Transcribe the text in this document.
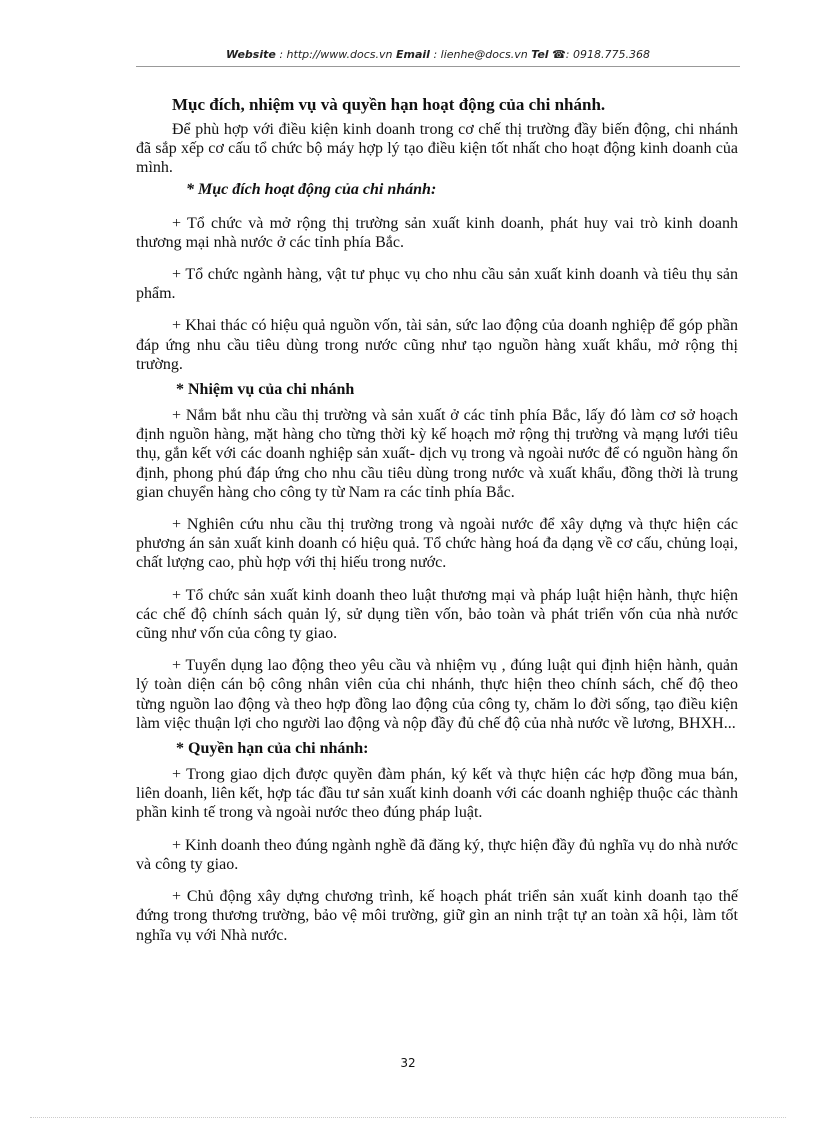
Website : http://www.docs.vn Email : lienhe@docs.vn Tel ☎: 0918.775.368
Mục đích, nhiệm vụ và quyền hạn hoạt động của chi nhánh.

Để phù hợp với điều kiện kinh doanh trong cơ chế thị trường đầy biến động, chi nhánh đã sắp xếp cơ cấu tổ chức bộ máy hợp lý tạo điều kiện tốt nhất cho hoạt động kinh doanh của mình.

* Mục đích hoạt động của chi nhánh:

+ Tổ chức và mở rộng thị trường sản xuất kinh doanh, phát huy vai trò kinh doanh thương mại nhà nước ở các tỉnh phía Bắc.

+ Tổ chức ngành hàng, vật tư phục vụ cho nhu cầu sản xuất kinh doanh và tiêu thụ sản phẩm.

+ Khai thác có hiệu quả nguồn vốn, tài sản, sức lao động của doanh nghiệp để góp phần đáp ứng nhu cầu tiêu dùng trong nước cũng như tạo nguồn hàng xuất khẩu, mở rộng thị trường.

* Nhiệm vụ của chi nhánh

+ Nắm bắt nhu cầu thị trường và sản xuất ở các tỉnh phía Bắc, lấy đó làm cơ sở hoạch định nguồn hàng, mặt hàng cho từng thời kỳ kế hoạch mở rộng thị trường và mạng lưới tiêu thụ, gắn kết với các doanh nghiệp sản xuất- dịch vụ trong và ngoài nước để có nguồn hàng ổn định, phong phú đáp ứng cho nhu cầu tiêu dùng trong nước và xuất khẩu, đồng thời là trung gian chuyển hàng cho công ty từ Nam ra các tỉnh phía Bắc.

+ Nghiên cứu nhu cầu thị trường trong và ngoài nước để xây dựng và thực hiện các phương án sản xuất kinh doanh có hiệu quả. Tổ chức hàng hoá đa dạng về cơ cấu, chủng loại, chất lượng cao, phù hợp với thị hiếu trong nước.

+ Tổ chức sản xuất kinh doanh theo luật thương mại và pháp luật hiện hành, thực hiện các chế độ chính sách quản lý, sử dụng tiền vốn, bảo toàn và phát triển vốn của nhà nước cũng như vốn của công ty giao.

+ Tuyển dụng lao động theo yêu cầu và nhiệm vụ , đúng luật qui định hiện hành, quản lý toàn diện cán bộ công nhân viên của chi nhánh, thực hiện theo chính sách, chế độ theo từng nguồn lao động và theo hợp đồng lao động của công ty, chăm lo đời sống, tạo điều kiện làm việc thuận lợi cho người lao động và nộp đầy đủ chế độ của nhà nước về lương, BHXH...

* Quyền hạn của chi nhánh:

+ Trong giao dịch được quyền đàm phán, ký kết và thực hiện các hợp đồng mua bán, liên doanh, liên kết, hợp tác đầu tư sản xuất kinh doanh với các doanh nghiệp thuộc các thành phần kinh tế trong và ngoài nước theo đúng pháp luật.

+ Kinh doanh theo đúng ngành nghề đã đăng ký, thực hiện đầy đủ nghĩa vụ do nhà nước và công ty giao.

+ Chủ động xây dựng chương trình, kế hoạch phát triển sản xuất kinh doanh tạo thế đứng trong thương trường, bảo vệ môi trường, giữ gìn an ninh trật tự an toàn xã hội, làm tốt nghĩa vụ với Nhà nước.

32
